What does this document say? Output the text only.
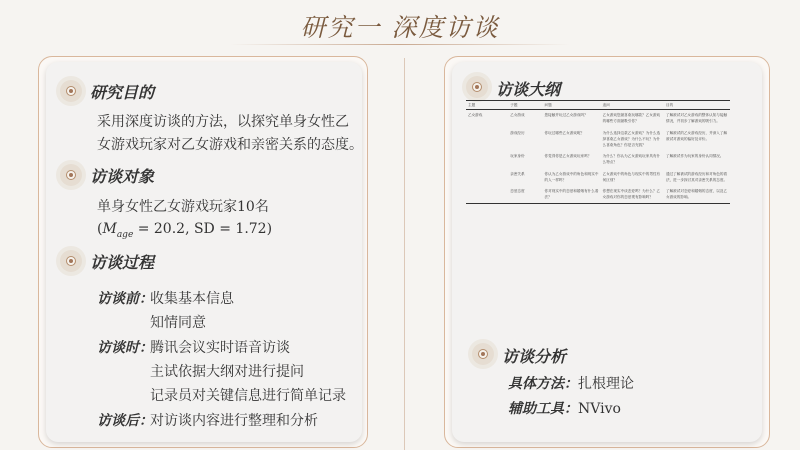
研究一 深度访谈
研究目的
采用深度访谈的方法，以探究单身女性乙
女游戏玩家对乙女游戏和亲密关系的态度。
访谈对象
单身女性乙女游戏玩家10名
($M_{age} = 20.2$, SD = 1.72)
访谈过程
访谈前：
收集基本信息
知情同意
访谈时：
腾讯会议实时语音访谈
主试依据大纲对进行提问
记录员对关键信息进行简单记录
访谈后：
对访谈内容进行整理和分析
访谈大纲
主题	子题	问题	追问	目的
乙女游戏	乙女游戏	您接触并玩过乙女游戏吗？	乙女游戏您最喜欢玩哪款？乙女游戏的哪些方面最吸引你？	了解被试对乙女游戏的整体认知与接触情况，并初步了解游戏的吸引力。
	游戏经历	你玩过哪些乙女游戏呢？	为什么选择这款乙女游戏？为什么选择喜欢乙女游戏？为什么不玩？为什么喜欢角色？你是否充钱？	了解被试的乙女游戏经历，并深入了解被试对游戏的偏好及评价。
	玩家身份	你觉得你是乙女游戏玩家吗？	为什么？你认为乙女游戏玩家具有什么特点？	了解被试作为玩家的身份认同情况。
	亲密关系	你认为乙女游戏中的角色和现实中的人一样吗？	乙女游戏中的角色与现实中的男性有何区别？	通过了解被试的游戏经历和对角色的看法，进一步探讨其对亲密关系的态度。
	恋爱态度	你对现实中的恋爱和婚姻有什么看法？	你想在现实中谈恋爱吗？为什么？乙女游戏对你的恋爱观有影响吗？	了解被试对恋爱和婚姻的态度，以及乙女游戏的影响。
访谈分析
具体方法：扎根理论
辅助工具：NVivo
